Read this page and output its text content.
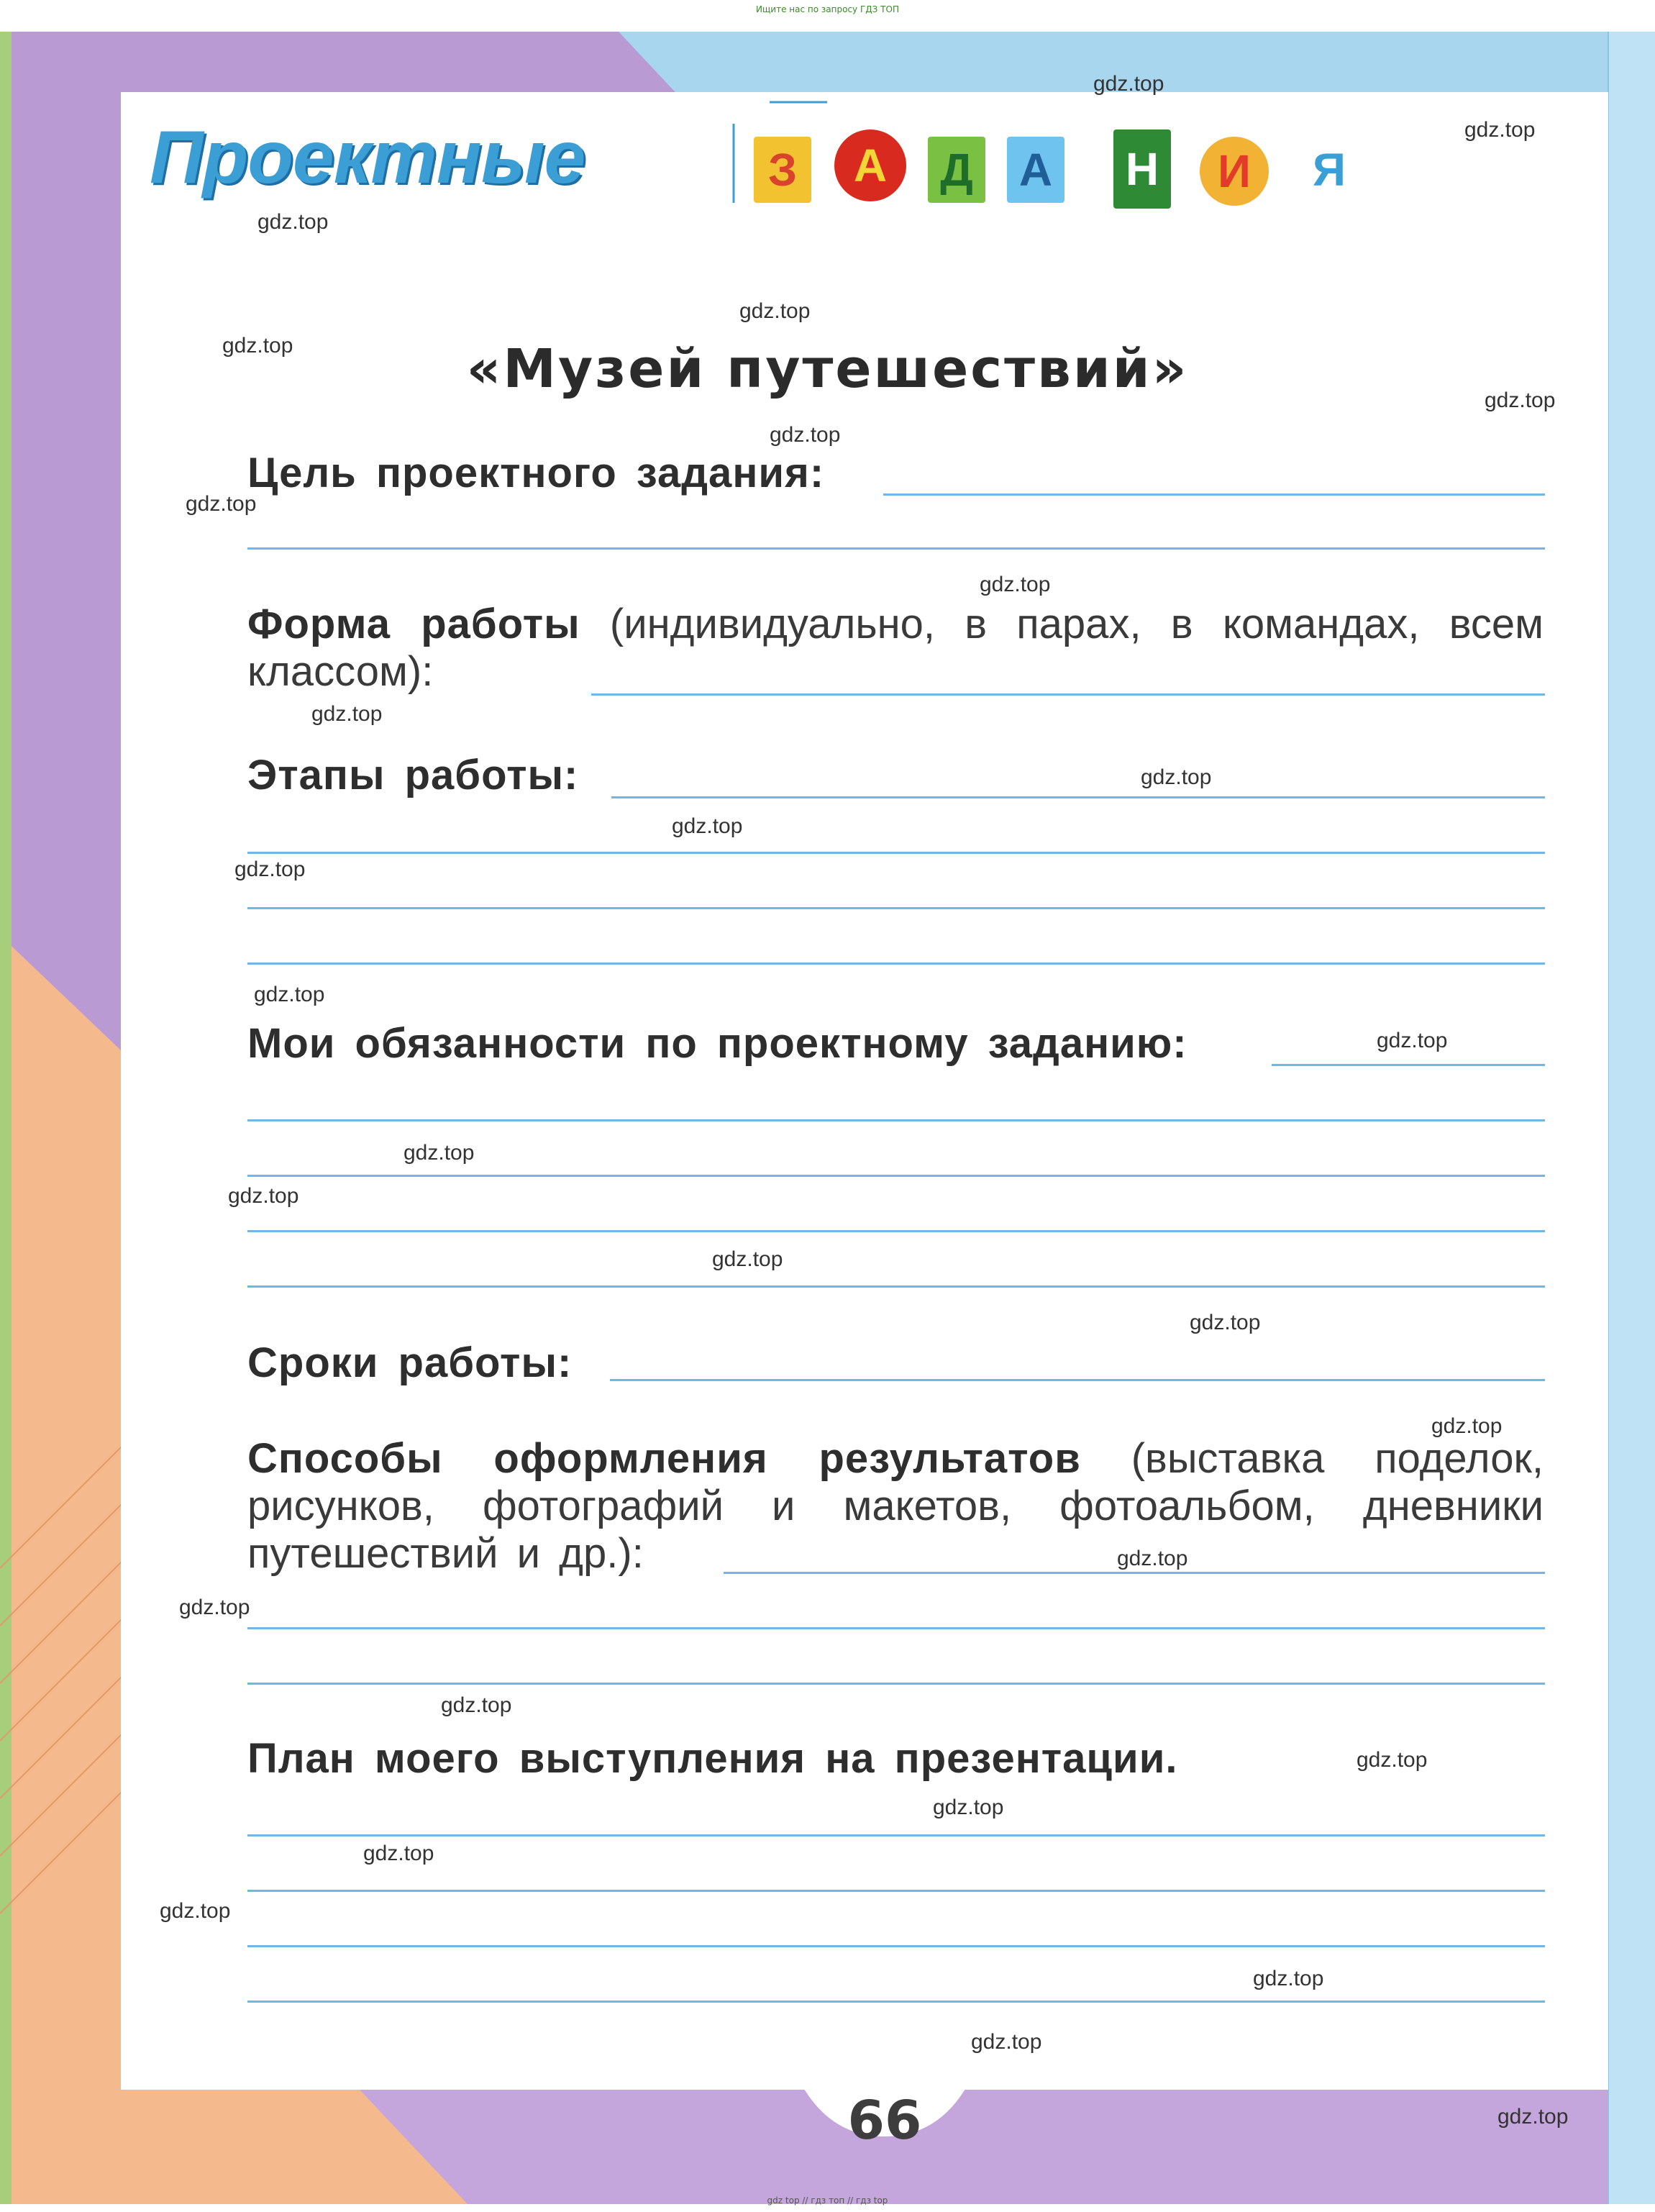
Ищите нас по запросу ГДЗ ТОП
Проектные	З А Д А Н И Я
«Музей путешествий»
Цель проектного задания:
Форма работы (индивидуально, в парах, в командах, всем классом):
Этапы работы:
Мои обязанности по проектному заданию:
Сроки работы:
Способы оформления результатов (выставка поделок, рисунков, фотографий и макетов, фотоальбом, дневники путешествий и др.):
План моего выступления на презентации.
66
gdz.top
gdz.top
gdz.top
gdz.top
gdz.top
gdz.top
gdz.top
gdz.top
gdz.top
gdz.top
gdz.top
gdz.top
gdz.top
gdz.top
gdz.top
gdz.top
gdz.top
gdz.top
gdz.top
gdz.top
gdz.top
gdz.top
gdz.top
gdz.top
gdz.top
gdz.top
gdz.top
gdz.top
gdz.top
gdz.top
gdz top // гдз топ // гдз top
